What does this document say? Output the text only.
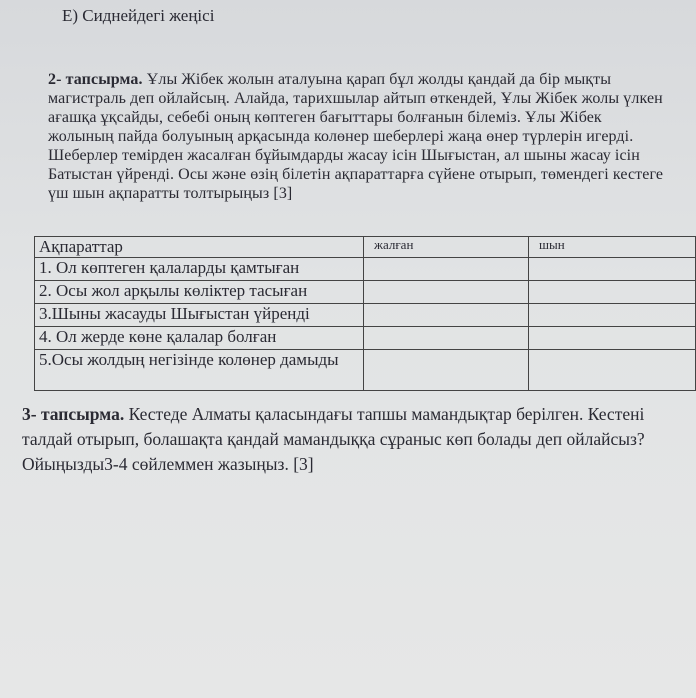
E) Сиднейдегі жеңісі
2- тапсырма. Ұлы Жібек жолын аталуына қарап бұл жолды қандай да бір мықты магистраль деп ойлайсың. Алайда, тарихшылар айтып өткендей, Ұлы Жібек жолы үлкен ағашқа ұқсайды, себебі оның көптеген бағыттары болғанын білеміз. Ұлы Жібек жолының пайда болуының арқасында колөнер шеберлері жаңа өнер түрлерін игерді. Шеберлер темірден жасалған бұйымдарды жасау ісін Шығыстан, ал шыны жасау ісін Батыстан үйренді. Осы және өзің білетін ақпараттарға сүйене отырып, төмендегі кестеге үш шын ақпаратты толтырыңыз [3]
Ақпараттар	жалған	шын
1. Ол көптеген қалаларды қамтыған		
2. Осы жол арқылы көліктер тасыған		
3.Шыны жасауды Шығыстан үйренді		
4. Ол жерде көне қалалар болған		
5.Осы жолдың негізінде колөнер дамыды		
3- тапсырма. Кестеде Алматы қаласындағы тапшы мамандықтар берілген. Кестені талдай отырып, болашақта қандай мамандыққа сұраныс көп болады деп ойлайсыз? Ойыңызды3-4 сөйлеммен жазыңыз. [3]
